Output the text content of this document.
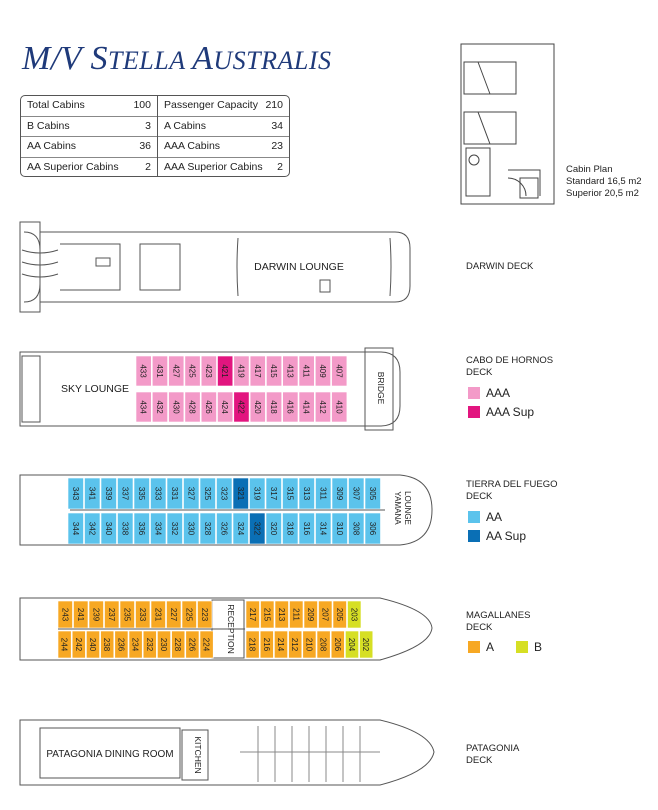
M/V STELLA AUSTRALIS
Total Cabins	100
B Cabins	3
AA Cabins	36
AA Superior Cabins	2
Passenger Capacity 210
A Cabins	34
AAA Cabins	23
AAA Superior Cabins 2
433 431 427 425 423 421 419 417 415 413 411 409 407
434 432 430 428 426 424 422 420 418 416 414 412 410
343 341 339 337 335 333 331 327 325 323 321 319 317 315 313 311 309 307 305
344 342 340 338 336 334 332 330 328 326 324 322 320 318 316 314 310 308 306
243 241 239 237 235 233 231 227 225 223
244 242 240 238 236 234 232 230 228 226 224
217 215 213 211 209 207 205 203
218 216 214 212 210 208 206 204 202
DARWIN LOUNGE
SKY LOUNGE	BRIDGE
YAMANA LOUNGE
RECEPTION
PATAGONIA DINING ROOM KITCHEN
Cabin Plan
Standard 16,5 m2
Superior 20,5 m2
DARWIN DECK
CABO DE HORNOS
DECK
AAA
AAA Sup
TIERRA DEL FUEGO
DECK
AA
AA Sup
MAGALLANES
DECK
A	B
PATAGONIA
DECK
